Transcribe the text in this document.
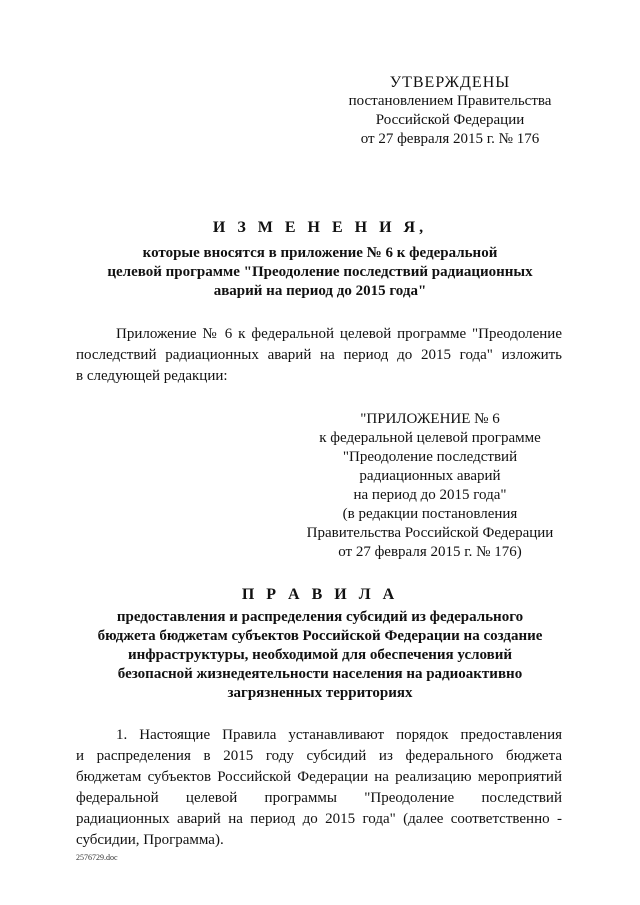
УТВЕРЖДЕНЫ
постановлением Правительства
Российской Федерации
от 27 февраля 2015 г. № 176
И З М Е Н Е Н И Я,
которые вносятся в приложение № 6 к федеральной
целевой программе "Преодоление последствий радиационных
аварий на период до 2015 года"
Приложение № 6 к федеральной целевой программе "Преодоление
последствий радиационных аварий на период до 2015 года" изложить
в следующей редакции:
"ПРИЛОЖЕНИЕ № 6
к федеральной целевой программе
"Преодоление последствий
радиационных аварий
на период до 2015 года"
(в редакции постановления
Правительства Российской Федерации
от 27 февраля 2015 г. № 176)
П Р А В И Л А
предоставления и распределения субсидий из федерального
бюджета бюджетам субъектов Российской Федерации на создание
инфраструктуры, необходимой для обеспечения условий
безопасной жизнедеятельности населения на радиоактивно
загрязненных территориях
1. Настоящие Правила устанавливают порядок предоставления
и распределения в 2015 году субсидий из федерального бюджета
бюджетам субъектов Российской Федерации на реализацию мероприятий
федеральной целевой программы "Преодоление последствий
радиационных аварий на период до 2015 года" (далее соответственно -
субсидии, Программа).
2576729.doc
